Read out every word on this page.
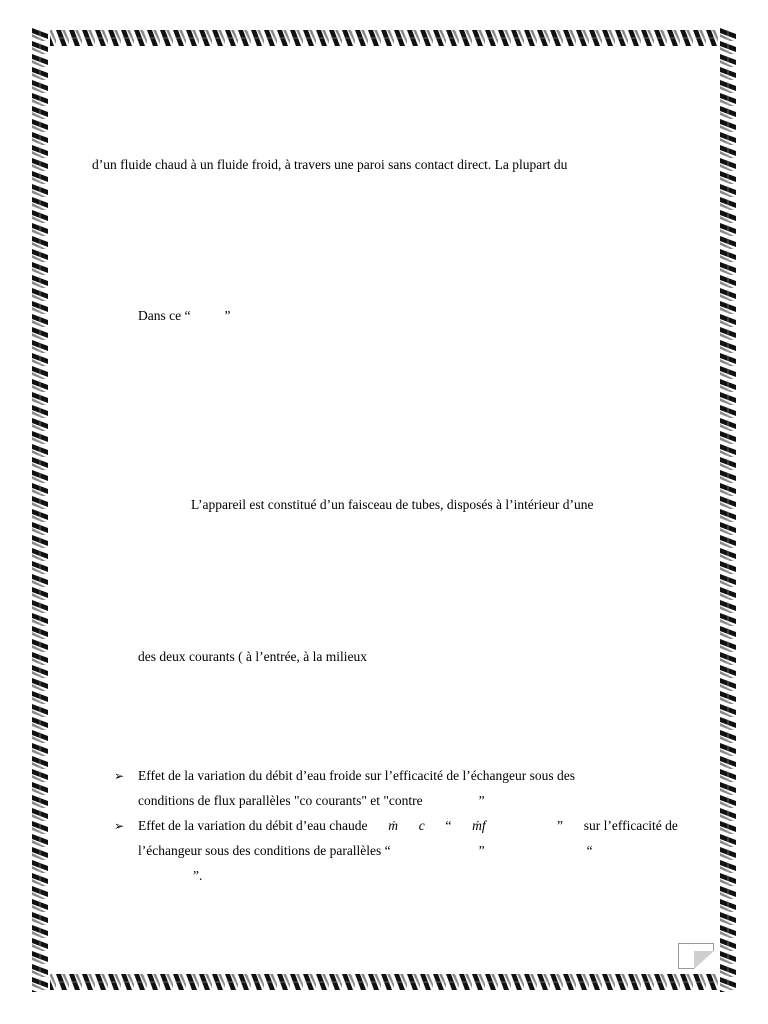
d’un fluide chaud à un fluide froid, à travers une paroi sans contact direct. La plupart du
Dans ce “	”
L’appareil est constitué d’un faisceau de tubes, disposés à l’intérieur d’une
des deux courants ( à l’entrée, à la milieux
➢ Effet de la variation du débit d’eau froide sur l’efficacité de l’échangeur sous des
conditions de flux parallèles "co courants" et "contre	”
➢ Effet de la variation du débit d’eau chaude ṁ c “ ṁf	” sur l’efficacité de
l’échangeur sous des conditions de parallèles “	”	“
”.
1
